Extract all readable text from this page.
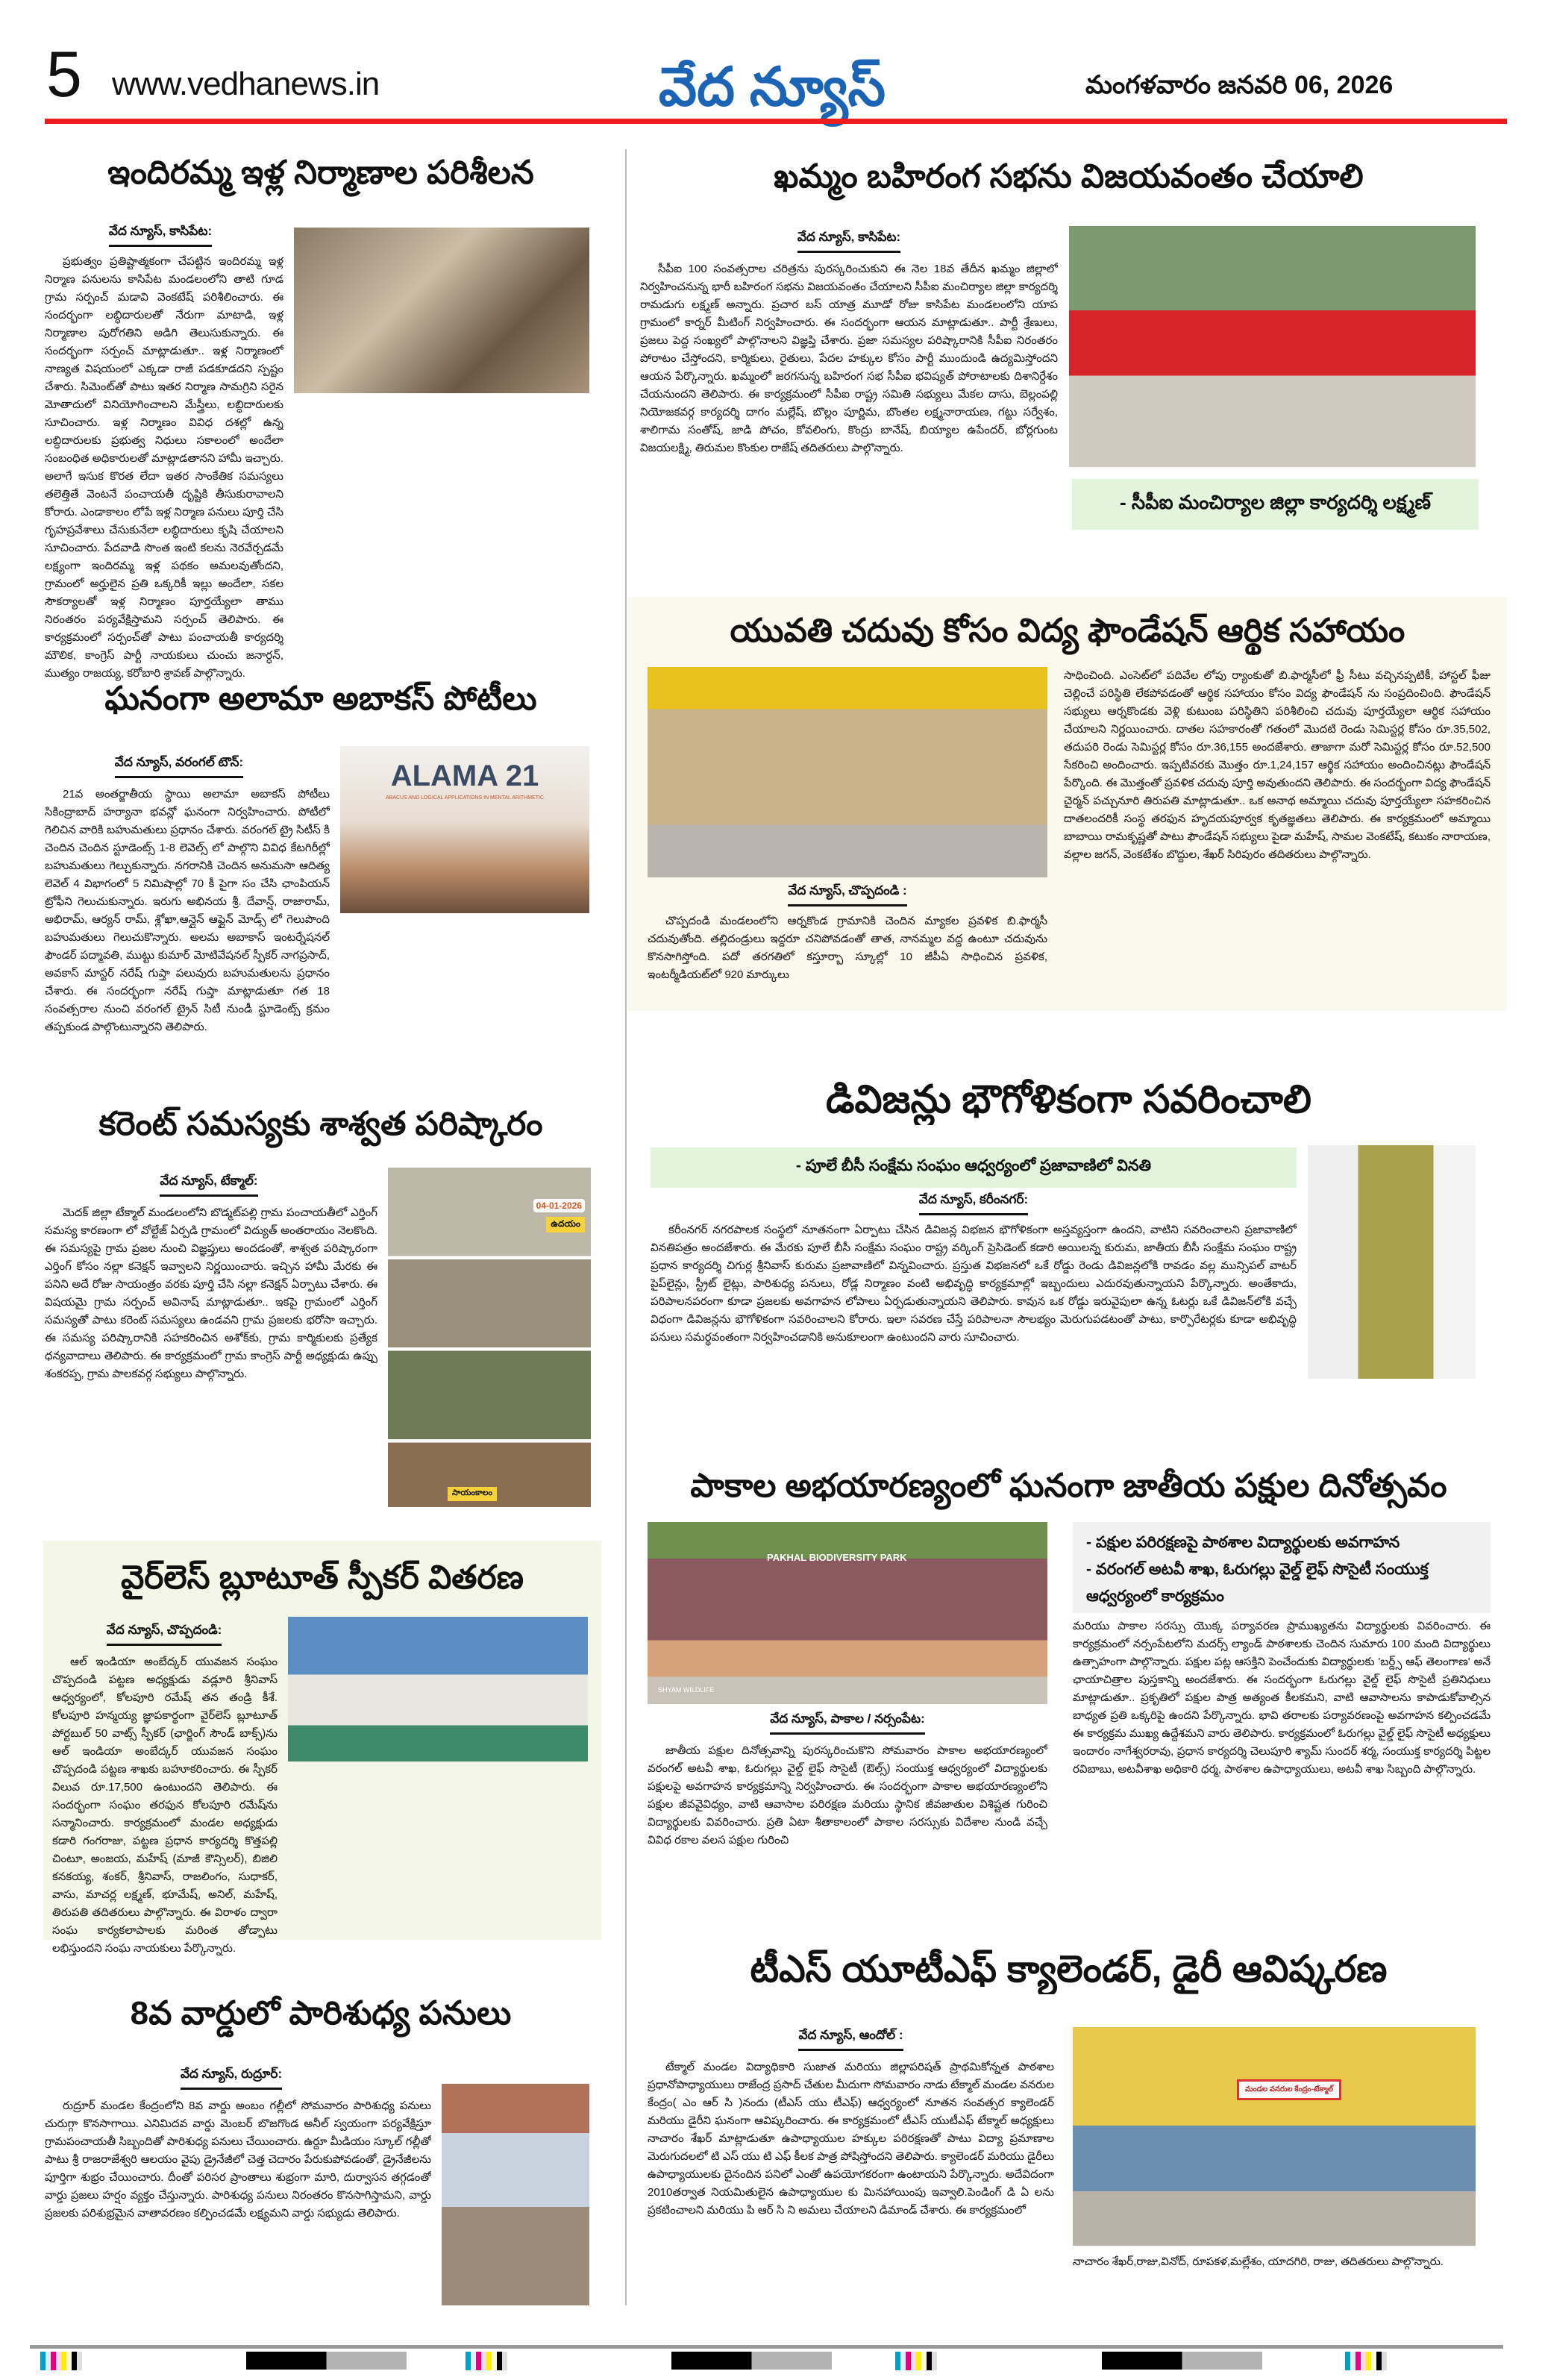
5 www.vedhanews.in	వేద న్యూస్	మంగళవారం జనవరి 06, 2026
ఇందిరమ్మ ఇళ్ల నిర్మాణాల పరిశీలన
వేద న్యూస్, కాసిపేట:

ప్రభుత్వం ప్రతిష్టాత్మకంగా చేపట్టిన ఇందిరమ్మ ఇళ్ల నిర్మాణ పనులను కాసిపేట మండలంలోని తాటి గూడ గ్రామ సర్పంచ్ మడావి వెంకటేష్ పరిశీలించారు. ఈ సందర్భంగా లబ్ధిదారులతో నేరుగా మాటాడి, ఇళ్ల నిర్మాణాల పురోగతిని అడిగి తెలుసుకున్నారు. ఈ సందర్భంగా సర్పంచ్ మాట్లాడుతూ.. ఇళ్ల నిర్మాణంలో నాణ్యత విషయంలో ఎక్కడా రాజీ పడకూడదని స్పష్టం చేశారు. సిమెంట్‌తో పాటు ఇతర నిర్మాణ సామగ్రిని సరైన మోతాదులో వినియోగించాలని మేస్త్రీలు, లబ్ధిదారులకు సూచించారు. ఇళ్ల నిర్మాణం వివిధ దశల్లో ఉన్న లబ్ధిదారులకు ప్రభుత్వ నిధులు సకాలంలో అందేలా సంబంధిత అధికారులతో మాట్లాడతానని హామీ ఇచ్చారు. అలాగే ఇసుక కొరత లేదా ఇతర సాంకేతిక సమస్యలు తలెత్తితే వెంటనే పంచాయతీ దృష్టికి తీసుకురావాలని కోరారు. ఎండాకాలం లోపే ఇళ్ల నిర్మాణ పనులు పూర్తి చేసి గృహప్రవేశాలు చేసుకునేలా లబ్ధిదారులు కృషి చేయాలని సూచించారు. పేదవాడి సొంత ఇంటి కలను నెరవేర్చడమే లక్ష్యంగా ఇందిరమ్మ ఇళ్ల పథకం అమలవుతోందని, గ్రామంలో అర్హులైన ప్రతి ఒక్కరికీ ఇల్లు అందేలా, సకల సౌకర్యాలతో ఇళ్ల నిర్మాణం పూర్తయ్యేలా తాము నిరంతరం పర్యవేక్షిస్తామని సర్పంచ్ తెలిపారు. ఈ కార్యక్రమంలో సర్పంచ్‌తో పాటు పంచాయతీ కార్యదర్శి మౌలిక, కాంగ్రెస్ పార్టీ నాయకులు చుంచు జనార్ధన్, ముత్యం రాజయ్య, కరోబారి శ్రావణ్ పాల్గొన్నారు.

ఘనంగా అలామా అబాకస్ పోటీలు
ALAMA 21
ABACUS AND LOGICAL APPLICATIONS IN MENTAL ARITHMETIC
వేద న్యూస్, వరంగల్ టౌన్:

21వ అంతర్జాతీయ స్థాయి అలామా అబాకస్ పోటీలు సికింద్రాబాద్ హర్యానా భవన్లో ఘనంగా నిర్వహించారు. పోటీలో గెలిచిన వారికి బహుమతులు ప్రధానం చేశారు. వరంగల్ ట్రై సిటీస్ కి చెందిన చెందిన స్టూడెంట్స్ 1-8 లెవెల్స్ లో పాల్గొని వివిధ కేటగిరీల్లో బహుమతులు గెల్చుకున్నారు. నగరానికి చెందిన అనుమసా ఆదిత్య లెవెల్ 4 విభాగంలో 5 నిమిషాల్లో 70 కీ పైగా సం చేసి ఛాంపియన్ ట్రోఫీని గెలుచుకున్నారు. ఇరుగు అభినయ శ్రీ. దేవాన్ష్, రాజారామ్, అభిరామ్, ఆర్యన్ రామ్, శ్లోఖా,ఆన్లైన్ ఆఫ్లైన్ మోడ్స్ లో గెలుపొంది బహుమతులు గెలుచుకొన్నారు. అలమ అబాకాస్ ఇంటర్నేషనల్ ఫౌండర్ పద్మావతి, ముట్టు కుమార్ మోటివేషనల్ స్పీకర్ నాగప్రసాద్, అవకాస్ మాస్టర్ నరేష్ గుప్తా పలువురు బహుమతులను ప్రధానం చేశారు. ఈ సందర్భంగా నరేష్ గుప్తా మాట్లాడుతూ గత 18 సంవత్సరాల నుంచి వరంగల్ ట్రైన్ సిటీ నుండీ స్టూడెంట్స్ క్రమం తప్పకుండ పాల్గొంటున్నారని తెలిపారు.

కరెంట్ సమస్యకు శాశ్వత పరిష్కారం
04-01-2026
ఉదయం
సాయంకాలం
వేద న్యూస్, టేక్మాల్:

మెదక్ జిల్లా టేక్మాల్ మండలంలోని బొడ్మట్‌పల్లి గ్రామ పంచాయతీలో ఎర్తింగ్ సమస్య కారణంగా లో వోల్టేజ్ ఏర్పడి గ్రామంలో విద్యుత్ అంతరాయం నెలకొంది. ఈ సమస్యపై గ్రామ ప్రజల నుంచి విజ్ఞప్తులు అందడంతో, శాశ్వత పరిష్కారంగా ఎర్తింగ్ కోసం నల్లా కనెక్షన్ ఇవ్వాలని నిర్ణయించారు. ఇచ్చిన హామీ మేరకు ఈ పనిని అదే రోజు సాయంత్రం వరకు పూర్తి చేసి నల్లా కనెక్షన్ ఏర్పాటు చేశారు. ఈ విషయమై గ్రామ సర్పంచ్ అవినాష్ మాట్లాడుతూ.. ఇకపై గ్రామంలో ఎర్తింగ్ సమస్యతో పాటు కరెంట్ సమస్యలు ఉండవని గ్రామ ప్రజలకు భరోసా ఇచ్చారు. ఈ సమస్య పరిష్కారానికి సహకరించిన అశోక్‌కు, గ్రామ కార్మికులకు ప్రత్యేక ధన్యవాదాలు తెలిపారు. ఈ కార్యక్రమంలో గ్రామ కాంగ్రెస్ పార్టీ అధ్యక్షుడు ఉప్పు శంకరప్ప, గ్రామ పాలకవర్గ సభ్యులు పాల్గొన్నారు.

వైర్‌లెస్ బ్లూటూత్ స్పీకర్ వితరణ
వేద న్యూస్, చొప్పదండి:

ఆల్ ఇండియా అంబేద్కర్ యువజన సంఘం చొప్పదండి పట్టణ అధ్యక్షుడు వడ్లూరి శ్రీనివాస్ ఆధ్వర్యంలో, కోలపూరి రమేష్ తన తండ్రి కీశే. కోలపూరి హన్మయ్య జ్ఞాపకార్థంగా వైర్‌లెస్ బ్లూటూత్ పోర్టబుల్ 50 వాట్స్ స్పీకర్ (ఛార్జింగ్ సౌండ్ బాక్స్)ను ఆల్ ఇండియా అంబేద్కర్ యువజన సంఘం చొప్పదండి పట్టణ శాఖకు బహూకరించారు. ఈ స్పీకర్ విలువ రూ.17,500 ఉంటుందని తెలిపారు. ఈ సందర్భంగా సంఘం తరఫున కోలపూరి రమేష్‌ను సన్మానించారు. కార్యక్రమంలో మండల అధ్యక్షుడు కడారి గంగరాజు, పట్టణ ప్రధాన కార్యదర్శి కొత్తపల్లి చింటూ, అంజయ, మహేష్ (మాజీ కౌన్సిలర్), బిజిలి కనకయ్య, శంకర్, శ్రీనివాస్, రాజలింగం, సుధాకర్, వాసు, మాచర్ల లక్ష్మణ్, భూమేష్, అనిల్, మహేష్, తిరుపతి తదితరులు పాల్గొన్నారు. ఈ విరాళం ద్వారా సంఘ కార్యకలాపాలకు మరింత తోడ్పాటు లభిస్తుందని సంఘ నాయకులు పేర్కొన్నారు.

8వ వార్డులో పారిశుధ్య పనులు
వేద న్యూస్, రుద్రూర్:

రుద్రూర్ మండల కేంద్రంలోని 8వ వార్డు అంబం గల్లీలో సోమవారం పారిశుధ్య పనులు చురుగ్గా కొనసాగాయి. ఎనిమిదవ వార్డు మెంబర్ బొజగొండ అనీల్ స్వయంగా పర్యవేక్షిస్తూ గ్రామపంచాయతీ సిబ్బందితో పారిశుధ్య పనులు చేయించారు. ఉర్దూ మీడియం స్కూల్ గల్లీతో పాటు శ్రీ రాజరాజేశ్వరి ఆలయం వైపు డ్రైనేజీలో చెత్త చెదారం పేరుకుపోవడంతో, డ్రైనేజీలను పూర్తిగా శుభ్రం చేయించారు. దీంతో పరిసర ప్రాంతాలు శుభ్రంగా మారి, దుర్వాసన తగ్గడంతో వార్డు ప్రజలు హర్షం వ్యక్తం చేస్తున్నారు. పారిశుధ్య పనులు నిరంతరం కొనసాగిస్తామని, వార్డు ప్రజలకు పరిశుభ్రమైన వాతావరణం కల్పించడమే లక్ష్యమని వార్డు సభ్యుడు తెలిపారు.

ఖమ్మం బహిరంగ సభను విజయవంతం చేయాలి
వేద న్యూస్, కాసిపేట:

సీపీఐ 100 సంవత్సరాల చరిత్రను పురస్కరించుకుని ఈ నెల 18వ తేదీన ఖమ్మం జిల్లాలో నిర్వహించనున్న భారీ బహిరంగ సభను విజయవంతం చేయాలని సీపీఐ మంచిర్యాల జిల్లా కార్యదర్శి రామడుగు లక్ష్మణ్ అన్నారు. ప్రచార బస్ యాత్ర మూడో రోజు కాసిపేట మండలంలోని యాప గ్రామంలో కార్నర్ మీటింగ్ నిర్వహించారు. ఈ సందర్భంగా ఆయన మాట్లాడుతూ.. పార్టీ శ్రేణులు, ప్రజలు పెద్ద సంఖ్యలో పాల్గొనాలని విజ్ఞప్తి చేశారు. ప్రజా సమస్యల పరిష్కారానికి సీపీఐ నిరంతరం పోరాటం చేస్తోందని, కార్మికులు, రైతులు, పేదల హక్కుల కోసం పార్టీ ముందుండి ఉద్యమిస్తోందని ఆయన పేర్కొన్నారు. ఖమ్మంలో జరగనున్న బహిరంగ సభ సీపీఐ భవిష్యత్ పోరాటాలకు దిశానిర్దేశం చేయనుందని తెలిపారు. ఈ కార్యక్రమంలో సీపీఐ రాష్ట్ర సమితి సభ్యులు మేకల దాసు, బెల్లంపల్లి నియోజకవర్గ కార్యదర్శి దాగం మల్లేష్, బొల్లం పూర్ణిమ, బొంతల లక్ష్మనారాయణ, గట్టు సర్వేశం, శాలిగామ సంతోష్, జాడి పోచం, కోవలింగు, కొంద్రు బానేష్, బియ్యాల ఉపేందర్, బోర్లగుంట విజయలక్ష్మి, తిరుమల కొంకుల రాజేష్ తదితరులు పాల్గొన్నారు.

- సీపీఐ మంచిర్యాల జిల్లా కార్యదర్శి లక్ష్మణ్
యువతి చదువు కోసం విద్య ఫౌండేషన్ ఆర్థిక సహాయం
వేద న్యూస్, చొప్పదండి :

చొప్పదండి మండలంలోని ఆర్నకొండ గ్రామానికి చెందిన మ్యాకల ప్రవళిక బి.ఫార్మసీ చదువుతోంది. తల్లిదండ్రులు ఇద్దరూ చనిపోవడంతో తాత, నానమ్మల వద్ద ఉంటూ చదువును కొనసాగిస్తోంది. పదో తరగతిలో కస్తూర్బా స్కూల్లో 10 జీపీఏ సాధించిన ప్రవళిక, ఇంటర్మీడియట్‌లో 920 మార్కులు

సాధించింది. ఎంసెట్‌లో పదివేల లోపు ర్యాంకుతో బి.ఫార్మసీలో ఫ్రీ సీటు వచ్చినప్పటికీ, హాస్టల్ ఫీజు చెల్లించే పరిస్థితి లేకపోవడంతో ఆర్థిక సహాయం కోసం విద్య ఫౌండేషన్ ను సంప్రదించింది. ఫౌండేషన్ సభ్యులు ఆర్నకొండకు వెళ్లి కుటుంబ పరిస్థితిని పరిశీలించి చదువు పూర్తయ్యేలా ఆర్థిక సహాయం చేయాలని నిర్ణయించారు. దాతల సహకారంతో గతంలో మొదటి రెండు సెమిస్టర్ల కోసం రూ.35,502, తదుపరి రెండు సెమిస్టర్ల కోసం రూ.36,155 అందజేశారు. తాజాగా మరో సెమిస్టర్ల కోసం రూ.52,500 సేకరించి అందించారు. ఇప్పటివరకు మొత్తం రూ.1,24,157 ఆర్థిక సహాయం అందించినట్లు ఫౌండేషన్ పేర్కొంది. ఈ మొత్తంతో ప్రవళిక చదువు పూర్తి అవుతుందని తెలిపారు. ఈ సందర్భంగా విద్య ఫౌండేషన్ చైర్మన్ పచ్చునూరి తిరుపతి మాట్లాడుతూ.. ఒక అనాథ అమ్మాయి చదువు పూర్తయ్యేలా సహకరించిన దాతలందరికీ సంస్థ తరఫున హృదయపూర్వక కృతజ్ఞతలు తెలిపారు. ఈ కార్యక్రమంలో అమ్మాయి బాబాయి రామకృష్ణతో పాటు ఫౌండేషన్ సభ్యులు పైడా మహేష్, సామల వెంకటేష్, కటుకం నారాయణ, వల్లాల జగన్, వెంకటేశం బొద్దుల, శేఖర్ సిరిపురం తదితరులు పాల్గొన్నారు.

డివిజన్లు భౌగోళికంగా సవరించాలి
- పూలే బీసీ సంక్షేమ సంఘం ఆధ్వర్యంలో ప్రజావాణిలో వినతి
వేద న్యూస్, కరీంనగర్:

కరీంనగర్ నగరపాలక సంస్థలో నూతనంగా ఏర్పాటు చేసిన డివిజన్ల విభజన భౌగోళికంగా అస్తవ్యస్తంగా ఉందని, వాటిని సవరించాలని ప్రజావాణిలో వినతిపత్రం అందజేశారు. ఈ మేరకు పూలే బీసీ సంక్షేమ సంఘం రాష్ట్ర వర్కింగ్ ప్రెసిడెంట్ కడారి అయిలన్న కురుమ, జాతీయ బీసీ సంక్షేమ సంఘం రాష్ట్ర ప్రధాన కార్యదర్శి చిగుర్ల శ్రీనివాస్ కురుమ ప్రజావాణిలో విన్నవించారు. ప్రస్తుత విభజనలో ఒకే రోడ్డు రెండు డివిజన్లలోకి రావడం వల్ల మున్సిపల్ వాటర్ పైప్‌లైన్లు, స్ట్రీట్ లైట్లు, పారిశుధ్య పనులు, రోడ్ల నిర్మాణం వంటి అభివృద్ధి కార్యక్రమాల్లో ఇబ్బందులు ఎదురవుతున్నాయని పేర్కొన్నారు. అంతేకాదు, పరిపాలనపరంగా కూడా ప్రజలకు అవగాహన లోపాలు ఏర్పడుతున్నాయని తెలిపారు. కావున ఒక రోడ్డు ఇరువైపులా ఉన్న ఓటర్లు ఒకే డివిజన్‌లోకి వచ్చే విధంగా డివిజన్లను భౌగోళికంగా సవరించాలని కోరారు. ఇలా సవరణ చేస్తే పరిపాలనా సౌలభ్యం మెరుగుపడటంతో పాటు, కార్పొరేటర్లకు కూడా అభివృద్ధి పనులు సమర్థవంతంగా నిర్వహించడానికి అనుకూలంగా ఉంటుందని వారు సూచించారు.

పాకాల అభయారణ్యంలో ఘనంగా జాతీయ పక్షుల దినోత్సవం
PAKHAL BIODIVERSITY PARK
SHYAM WILDLIFE
వేద న్యూస్, పాకాల / నర్సంపేట:

జాతీయ పక్షుల దినోత్సవాన్ని పురస్కరించుకొని సోమవారం పాకాల అభయారణ్యంలో వరంగల్ అటవీ శాఖ, ఓరుగల్లు వైల్డ్ లైఫ్ సొసైటీ (ఔల్స్) సంయుక్త ఆధ్వర్యంలో విద్యార్థులకు పక్షులపై అవగాహన కార్యక్రమాన్ని నిర్వహించారు. ఈ సందర్భంగా పాకాల అభయారణ్యంలోని పక్షుల జీవవైవిధ్యం, వాటి ఆవాసాల పరిరక్షణ మరియు స్థానిక జీవజాతుల విశిష్టత గురించి విద్యార్థులకు వివరించారు. ప్రతి ఏటా శీతాకాలంలో పాకాల సరస్సుకు విదేశాల నుండి వచ్చే వివిధ రకాల వలస పక్షుల గురించి

- పక్షుల పరిరక్షణపై పాఠశాల విద్యార్థులకు అవగాహన
- వరంగల్ అటవీ శాఖ, ఓరుగల్లు వైల్డ్ లైఫ్ సొసైటీ సంయుక్త ఆధ్వర్యంలో కార్యక్రమం

మరియు పాకాల సరస్సు యొక్క పర్యావరణ ప్రాముఖ్యతను విద్యార్థులకు వివరించారు. ఈ కార్యక్రమంలో నర్సంపేటలోని మదర్స్ ల్యాండ్ పాఠశాలకు చెందిన సుమారు 100 మంది విద్యార్థులు ఉత్సాహంగా పాల్గొన్నారు. పక్షుల పట్ల ఆసక్తిని పెంచేందుకు విద్యార్థులకు 'బర్డ్స్ ఆఫ్ తెలంగాణ' అనే ఛాయాచిత్రాల పుస్తకాన్ని అందజేశారు. ఈ సందర్భంగా ఓరుగల్లు వైల్డ్ లైఫ్ సొసైటీ ప్రతినిధులు మాట్లాడుతూ.. ప్రకృతిలో పక్షుల పాత్ర అత్యంత కీలకమని, వాటి ఆవాసాలను కాపాడుకోవాల్సిన బాధ్యత ప్రతి ఒక్కరిపై ఉందని పేర్కొన్నారు. భావి తరాలకు పర్యావరణంపై అవగాహన కల్పించడమే ఈ కార్యక్రమ ముఖ్య ఉద్దేశమని వారు తెలిపారు. కార్యక్రమంలో ఓరుగల్లు వైల్డ్ లైఫ్ సొసైటీ అధ్యక్షులు ఇందారం నాగేశ్వరరావు, ప్రధాన కార్యదర్శి చెలుపూరి శ్యామ్ సుందర్ శర్మ, సంయుక్త కార్యదర్శి పిట్టల రవిబాబు, అటవీశాఖ అధికారి ధర్మ, పాఠశాల ఉపాధ్యాయులు, అటవీ శాఖ సిబ్బంది పాల్గొన్నారు.

టీఎస్ యూటీఎఫ్ క్యాలెండర్, డైరీ ఆవిష్కరణ
వేద న్యూస్, ఆందోల్ :

టేక్మాల్ మండల విద్యాధికారి సుజాత మరియు జిల్లాపరిషత్ ప్రాథమికోన్నత పాఠశాల ప్రధానోపాధ్యాయులు రాజేంద్ర ప్రసాద్ చేతుల మీదుగా సోమవారం నాడు టేక్మాల్ మండల వనరుల కేంద్రం( ఎం ఆర్ సి )నందు (టీఎస్ యు టీఎఫ్) ఆధ్వర్యంలో నూతన సంవత్సర క్యాలెండర్ మరియు డైరీని ఘనంగా ఆవిష్కరించారు. ఈ కార్యక్రమంలో టీఎస్ యుటీఎఫ్ టేక్మాల్ అధ్యక్షులు నాచారం శేఖర్ మాట్లాడుతూ ఉపాధ్యాయుల హక్కుల పరిరక్షణతో పాటు విద్యా ప్రమాణాల మెరుగుదలలో టి ఎస్ యు టి ఎఫ్ కీలక పాత్ర పోషిస్తోందని తెలిపారు. క్యాలెండర్ మరియు డైరీలు ఉపాధ్యాయులకు దైనందిన పనిలో ఎంతో ఉపయోగకరంగా ఉంటాయని పేర్కొన్నారు. అదేవిదంగా 2010తర్వాత నియమితులైన ఉపాధ్యాయుల కు మినహాయింపు ఇవ్వాలి.పెండింగ్ డి ఏ లను ప్రకటించాలని మరియు పి ఆర్ సి ని అమలు చేయాలని డిమాండ్ చేశారు. ఈ కార్యక్రమంలో

మండల వనరుల కేంద్రం-టేక్మాల్

నాచారం శేఖర్,రాజు,వినోద్, రూపకళ,మల్లేశం, యాదగిరి, రాజు, తదితరులు పాల్గొన్నారు.
